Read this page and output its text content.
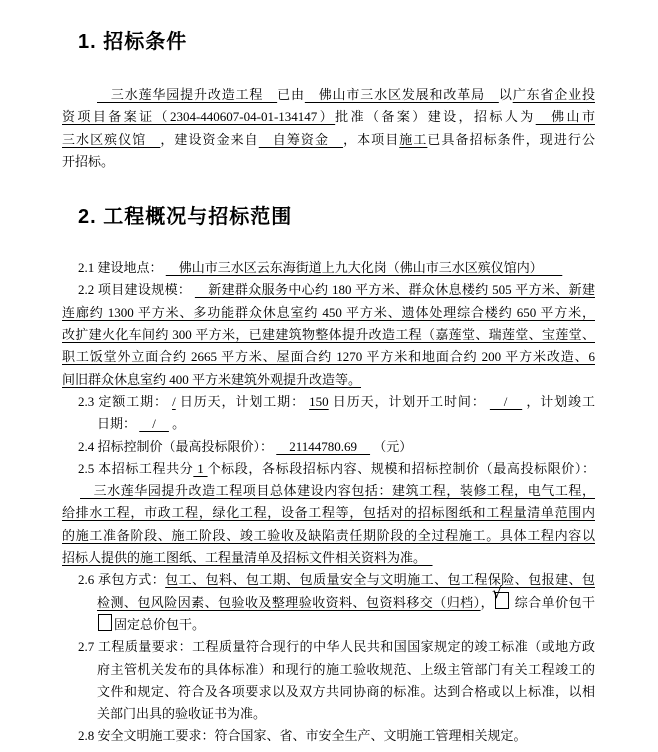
1. 招标条件
　三水莲华园提升改造工程　已由　佛山市三水区发展和改革局　以广东省企业投
资项目备案证（2304-440607-04-01-134147）批准（备案）建设，招标人为　佛山市
三水区殡仪馆　，建设资金来自　自筹资金　，本项目施工已具备招标条件，现进行公
开招标。
2. 工程概况与招标范围
2.1 建设地点： 　佛山市三水区云东海街道上九大化岗（佛山市三水区殡仪馆内）　　
2.2 项目建设规模： 　新建群众服务中心约 180 平方米、群众休息楼约 505 平方米、新建
连廊约 1300 平方米、多功能群众休息室约 450 平方米、遗体处理综合楼约 650 平方米，
改扩建火化车间约 300 平方米，已建建筑物整体提升改造工程（嘉莲堂、瑞莲堂、宝莲堂、
职工饭堂外立面合约 2665 平方米、屋面合约 1270 平方米和地面合约 200 平方米改造、6
间旧群众休息室约 400 平方米建筑外观提升改造等。
2.3 定额工期： / 日历天，计划工期： 150 日历天，计划开工时间： 　/　 ，计划竣工
日期： 　/　 。
2.4 招标控制价（最高投标限价）： 　21144780.69　 （元）
2.5 本招标工程共分 1 个标段，各标段招标内容、规模和招标控制价（最高投标限价）：
　三水莲华园提升改造工程项目总体建设内容包括：建筑工程，装修工程，电气工程，
给排水工程，市政工程，绿化工程，设备工程等，包括对的招标图纸和工程量清单范围内
的施工准备阶段、施工阶段、竣工验收及缺陷责任期阶段的全过程施工。具体工程内容以
招标人提供的施工图纸、工程量清单及招标文件相关资料为准。　
2.6 承包方式：包工、包料、包工期、包质量安全与文明施工、包工程保险、包报建、包
检测、包风险因素、包验收及整理验收资料、包资料移交（归档），
√
综合单价包干
固定总价包干。
2.7 工程质量要求：工程质量符合现行的中华人民共和国国家规定的竣工标准（或地方政
府主管机关发布的具体标准）和现行的施工验收规范、上级主管部门有关工程竣工的
文件和规定、符合及各项要求以及双方共同协商的标准。达到合格或以上标准，以相
关部门出具的验收证书为准。
2.8 安全文明施工要求：符合国家、省、市安全生产、文明施工管理相关规定。
